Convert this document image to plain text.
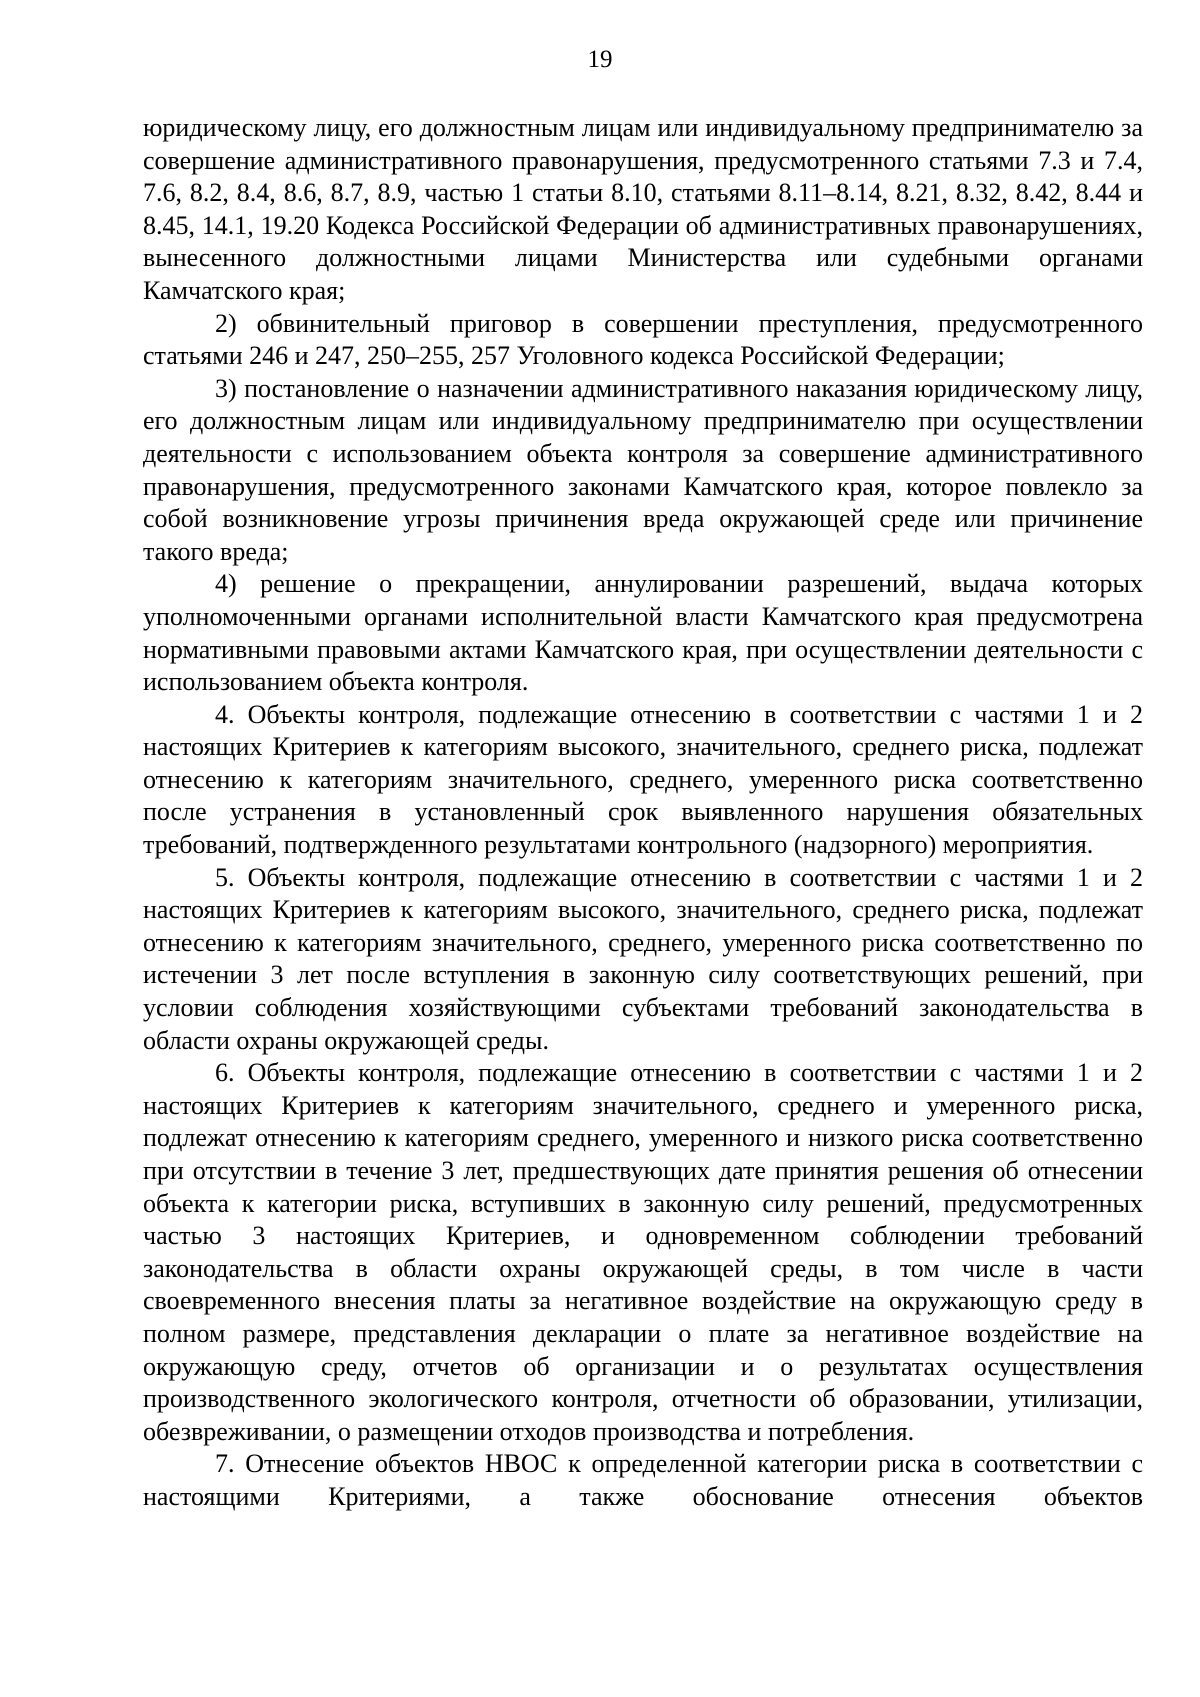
19

юридическому лицу, его должностным лицам или индивидуальному предпринимателю за совершение административного правонарушения, предусмотренного статьями 7.3 и 7.4, 7.6, 8.2, 8.4, 8.6, 8.7, 8.9, частью 1 статьи 8.10, статьями 8.11–8.14, 8.21, 8.32, 8.42, 8.44 и 8.45, 14.1, 19.20 Кодекса Российской Федерации об административных правонарушениях, вынесенного должностными лицами Министерства или судебными органами Камчатского края;

2) обвинительный приговор в совершении преступления, предусмотренного статьями 246 и 247, 250–255, 257 Уголовного кодекса Российской Федерации;

3) постановление о назначении административного наказания юридическому лицу, его должностным лицам или индивидуальному предпринимателю при осуществлении деятельности с использованием объекта контроля за совершение административного правонарушения, предусмотренного законами Камчатского края, которое повлекло за собой возникновение угрозы причинения вреда окружающей среде или причинение такого вреда;

4) решение о прекращении, аннулировании разрешений, выдача которых уполномоченными органами исполнительной власти Камчатского края предусмотрена нормативными правовыми актами Камчатского края, при осуществлении деятельности с использованием объекта контроля.

4. Объекты контроля, подлежащие отнесению в соответствии с частями 1 и 2 настоящих Критериев к категориям высокого, значительного, среднего риска, подлежат отнесению к категориям значительного, среднего, умеренного риска соответственно после устранения в установленный срок выявленного нарушения обязательных требований, подтвержденного результатами контрольного (надзорного) мероприятия.

5. Объекты контроля, подлежащие отнесению в соответствии с частями 1 и 2 настоящих Критериев к категориям высокого, значительного, среднего риска, подлежат отнесению к категориям значительного, среднего, умеренного риска соответственно по истечении 3 лет после вступления в законную силу соответствующих решений, при условии соблюдения хозяйствующими субъектами требований законодательства в области охраны окружающей среды.

6. Объекты контроля, подлежащие отнесению в соответствии с частями 1 и 2 настоящих Критериев к категориям значительного, среднего и умеренного риска, подлежат отнесению к категориям среднего, умеренного и низкого риска соответственно при отсутствии в течение 3 лет, предшествующих дате принятия решения об отнесении объекта к категории риска, вступивших в законную силу решений, предусмотренных частью 3 настоящих Критериев, и одновременном соблюдении требований законодательства в области охраны окружающей среды, в том числе в части своевременного внесения платы за негативное воздействие на окружающую среду в полном размере, представления декларации о плате за негативное воздействие на окружающую среду, отчетов об организации и о результатах осуществления производственного экологического контроля, отчетности об образовании, утилизации, обезвреживании, о размещении отходов производства и потребления.

7. Отнесение объектов НВОС к определенной категории риска в соответствии с настоящими Критериями, а также обоснование отнесения объектов
